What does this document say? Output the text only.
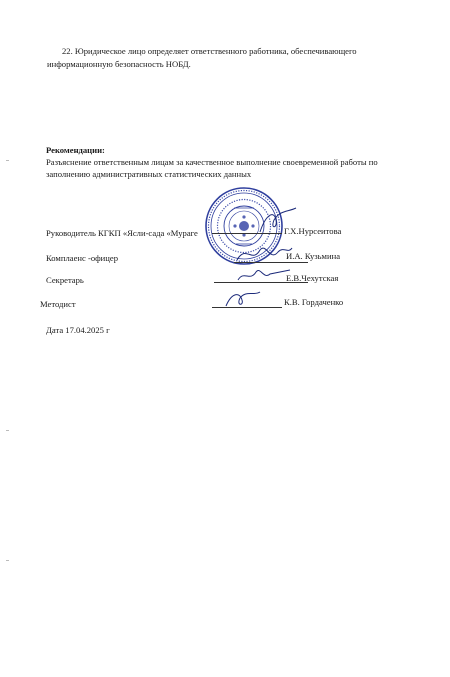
22. Юридическое лицо определяет ответственного работника, обеспечивающего
информационную безопасность НОБД.
Рекомендации:
Разъяснение ответственным лицам за качественное выполнение своевременной работы по
заполнению административных статистических данных
Руководитель КГКП «Ясли-сада «Мураге	Г.Х.Нурсеитова
Комплаенс -офицер	И.А. Кузьмина
Секретарь	Е.В.Чехутская
Методист	К.В. Гордаченко
Дата 17.04.2025 г
